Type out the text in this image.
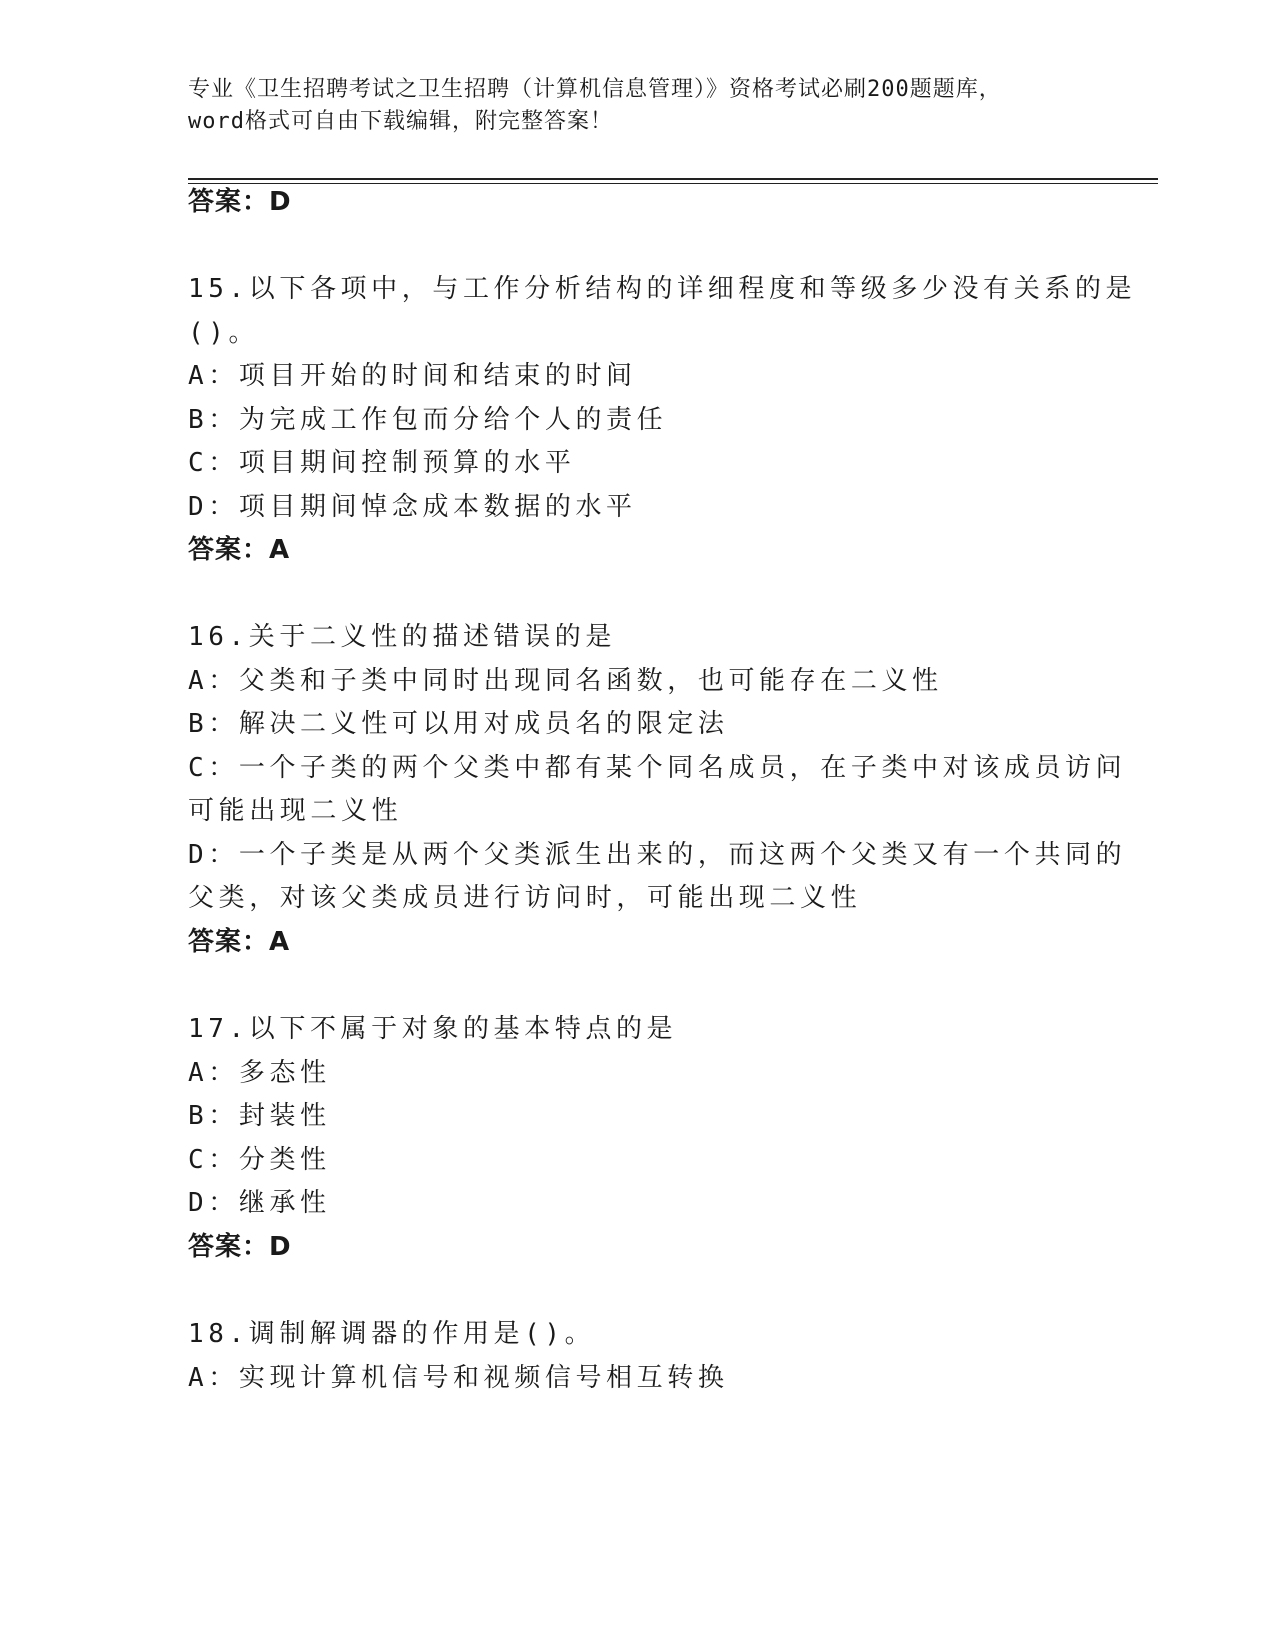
专业《卫生招聘考试之卫生招聘（计算机信息管理）》资格考试必刷200题题库，
word格式可自由下载编辑，附完整答案！
答案：D
15.以下各项中，与工作分析结构的详细程度和等级多少没有关系的是
()。
A：项目开始的时间和结束的时间
B：为完成工作包而分给个人的责任
C：项目期间控制预算的水平
D：项目期间悼念成本数据的水平
答案：A
16.关于二义性的描述错误的是
A：父类和子类中同时出现同名函数，也可能存在二义性
B：解决二义性可以用对成员名的限定法
C：一个子类的两个父类中都有某个同名成员，在子类中对该成员访问
可能出现二义性
D：一个子类是从两个父类派生出来的，而这两个父类又有一个共同的
父类，对该父类成员进行访问时，可能出现二义性
答案：A
17.以下不属于对象的基本特点的是
A：多态性
B：封装性
C：分类性
D：继承性
答案：D
18.调制解调器的作用是()。
A：实现计算机信号和视频信号相互转换
